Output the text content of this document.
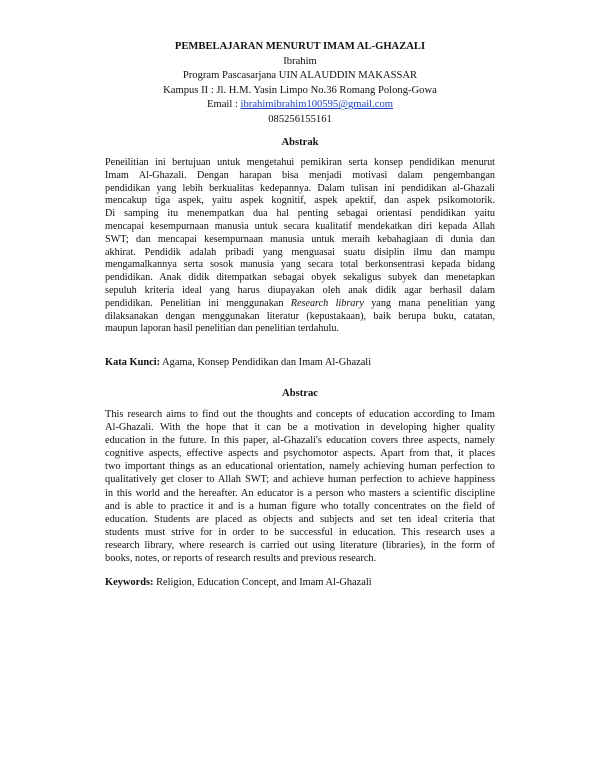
PEMBELAJARAN MENURUT IMAM AL-GHAZALI
Ibrahim
Program Pascasarjana UIN ALAUDDIN MAKASSAR
Kampus II : Jl. H.M. Yasin Limpo No.36 Romang Polong-Gowa
Email : ibrahimibrahim100595@gmail.com
085256155161
Abstrak
Peneilitian ini bertujuan untuk mengetahui pemikiran serta konsep pendidikan menurut
Imam Al-Ghazali. Dengan harapan bisa menjadi motivasi dalam pengembangan
pendidikan yang lebih berkualitas kedepannya. Dalam tulisan ini pendidikan al-Ghazali
mencakup tiga aspek, yaitu aspek kognitif, aspek apektif, dan aspek psikomotorik.
Di samping itu menempatkan dua hal penting sebagai orientasi pendidikan yaitu
mencapai kesempurnaan manusia untuk secara kualitatif mendekatkan diri kepada Allah
SWT; dan mencapai kesempurnaan manusia untuk meraih kebahagiaan di dunia dan
akhirat. Pendidik adalah pribadi yang menguasai suatu disiplin ilmu dan mampu
mengamalkannya serta sosok manusia yang secara total berkonsentrasi kepada bidang
pendidikan. Anak didik ditempatkan sebagai obyek sekaligus subyek dan menetapkan
sepuluh kriteria ideal yang harus diupayakan oleh anak didik agar berhasil dalam
pendidikan. Penelitian ini menggunakan Research library yang mana penelitian yang
dilaksanakan dengan menggunakan literatur (kepustakaan), baik berupa buku, catatan,
maupun laporan hasil penelitian dan penelitian terdahulu.
Kata Kunci: Agama, Konsep Pendidikan dan Imam Al-Ghazali
Abstrac
This research aims to find out the thoughts and concepts of education according to Imam
Al-Ghazali. With the hope that it can be a motivation in developing higher quality
education in the future. In this paper, al-Ghazali's education covers three aspects, namely
cognitive aspects, effective aspects and psychomotor aspects. Apart from that, it places
two important things as an educational orientation, namely achieving human perfection to
qualitatively get closer to Allah SWT; and achieve human perfection to achieve happiness
in this world and the hereafter. An educator is a person who masters a scientific discipline
and is able to practice it and is a human figure who totally concentrates on the field of
education. Students are placed as objects and subjects and set ten ideal criteria that
students must strive for in order to be successful in education. This research uses a
research library, where research is carried out using literature (libraries), in the form of
books, notes, or reports of research results and previous research.
Keywords: Religion, Education Concept, and Imam Al-Ghazali
